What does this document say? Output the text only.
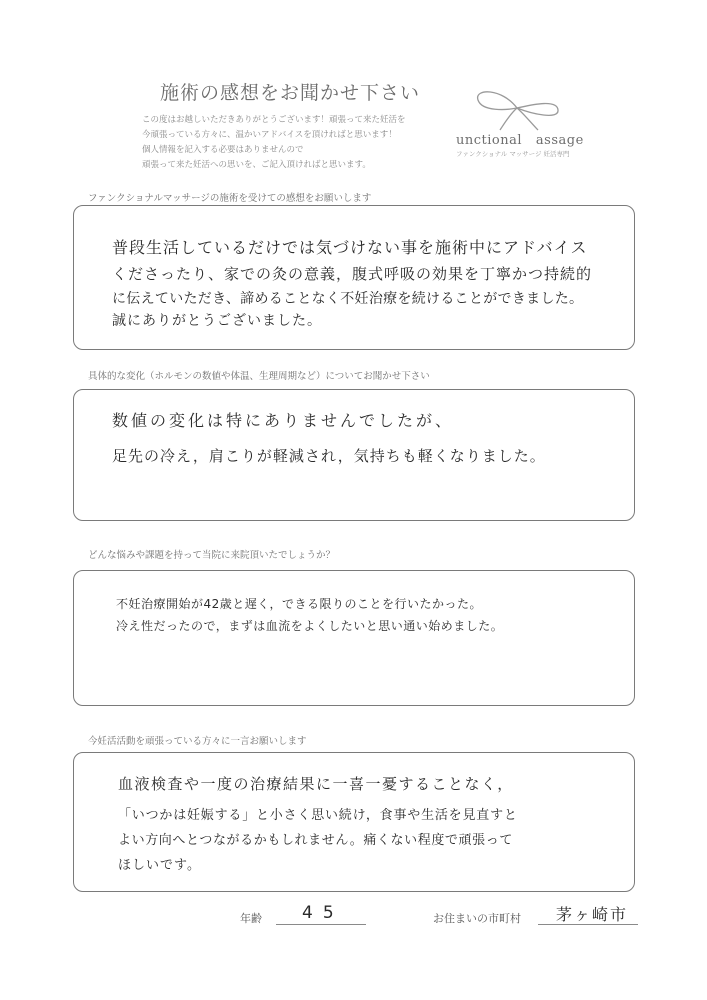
施術の感想をお聞かせ下さい
この度はお越しいただきありがとうございます！頑張って来た妊活を
今頑張っている方々に、温かいアドバイスを頂ければと思います！
個人情報を記入する必要はありませんので
頑張って来た妊活への思いを、ご記入頂ければと思います。
unctional   assage
ファンクショナル マッサージ 妊活専門
ファンクショナルマッサージの施術を受けての感想をお願いします
普段生活しているだけでは気づけない事を施術中にアドバイス
くださったり、家での灸の意義，腹式呼吸の効果を丁寧かつ持続的
に伝えていただき、諦めることなく不妊治療を続けることができました。
誠にありがとうございました。
具体的な変化（ホルモンの数値や体温、生理周期など）についてお聞かせ下さい
数値の変化は特にありませんでしたが、
足先の冷え，肩こりが軽減され，気持ちも軽くなりました。
どんな悩みや課題を持って当院に来院頂いたでしょうか？
不妊治療開始が42歳と遅く，できる限りのことを行いたかった。
冷え性だったので，まずは血流をよくしたいと思い通い始めました。
今妊活活動を頑張っている方々に一言お願いします
血液検査や一度の治療結果に一喜一憂することなく，
「いつかは妊娠する」と小さく思い続け，食事や生活を見直すと
よい方向へとつながるかもしれません。痛くない程度で頑張って
ほしいです。
年齢 45	お住まいの市町村 茅ヶ崎市
